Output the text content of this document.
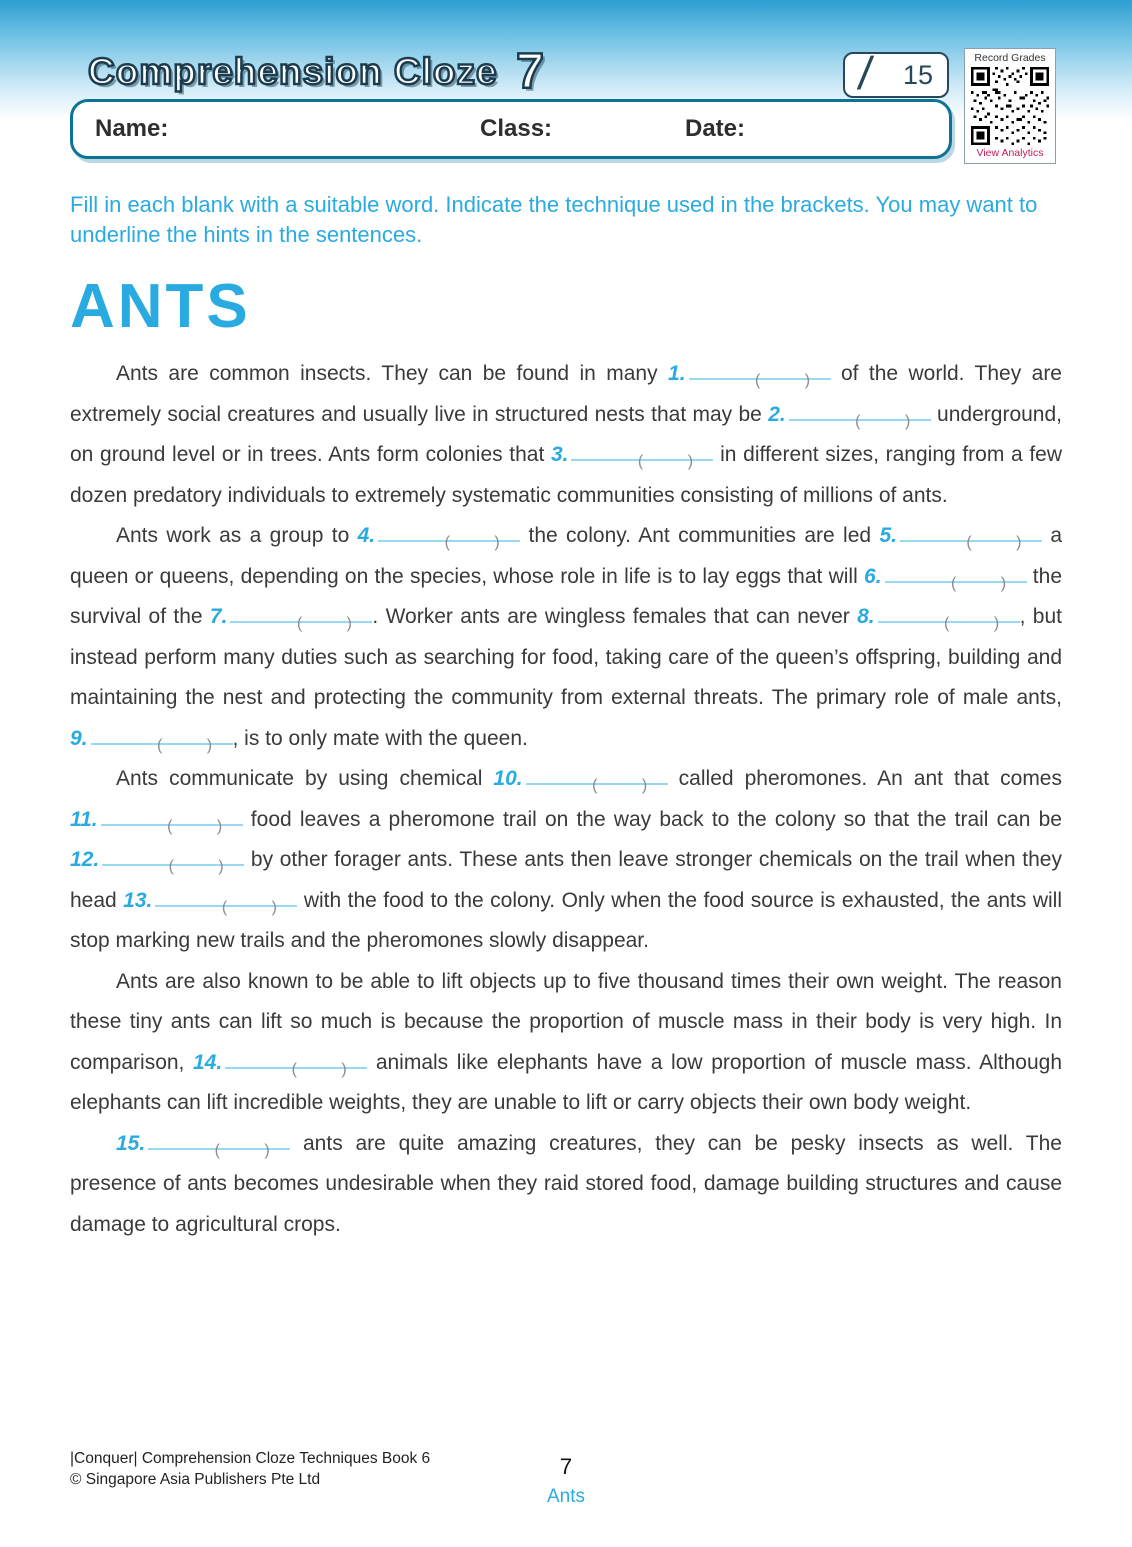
Comprehension Cloze 7	/ 15
Record Grades
View Analytics
Name:	Class:	Date:

Fill in each blank with a suitable word. Indicate the technique used in the brackets. You may want to underline the hints in the sentences.

ANTS

Ants are common insects. They can be found in many 1.	(          ) of the world. They are extremely social creatures and usually live in structured nests that may be 2.	(          ) underground, on ground level or in trees. Ants form colonies that 3.	(          ) in different sizes, ranging from a few dozen predatory individuals to extremely systematic communities consisting of millions of ants.

Ants work as a group to 4.	(          ) the colony. Ant communities are led 5.	(          ) a queen or queens, depending on the species, whose role in life is to lay eggs that will 6.	(          ) the survival of the 7.	(          ) . Worker ants are wingless females that can never 8.	(          ) , but instead perform many duties such as searching for food, taking care of the queen’s offspring, building and maintaining the nest and protecting the community from external threats. The primary role of male ants, 9.	(          ) , is to only mate with the queen.

Ants communicate by using chemical 10.	(          ) called pheromones. An ant that comes 11.	(          ) food leaves a pheromone trail on the way back to the colony so that the trail can be 12.	(          ) by other forager ants. These ants then leave stronger chemicals on the trail when they head 13.	(          ) with the food to the colony. Only when the food source is exhausted, the ants will stop marking new trails and the pheromones slowly disappear.

Ants are also known to be able to lift objects up to five thousand times their own weight. The reason these tiny ants can lift so much is because the proportion of muscle mass in their body is very high. In comparison, 14.	(          ) animals like elephants have a low proportion of muscle mass. Although elephants can lift incredible weights, they are unable to lift or carry objects their own body weight.

15.	(          ) ants are quite amazing creatures, they can be pesky insects as well. The presence of ants becomes undesirable when they raid stored food, damage building structures and cause damage to agricultural crops.

|Conquer| Comprehension Cloze Techniques Book 6
© Singapore Asia Publishers Pte Ltd
7
Ants
